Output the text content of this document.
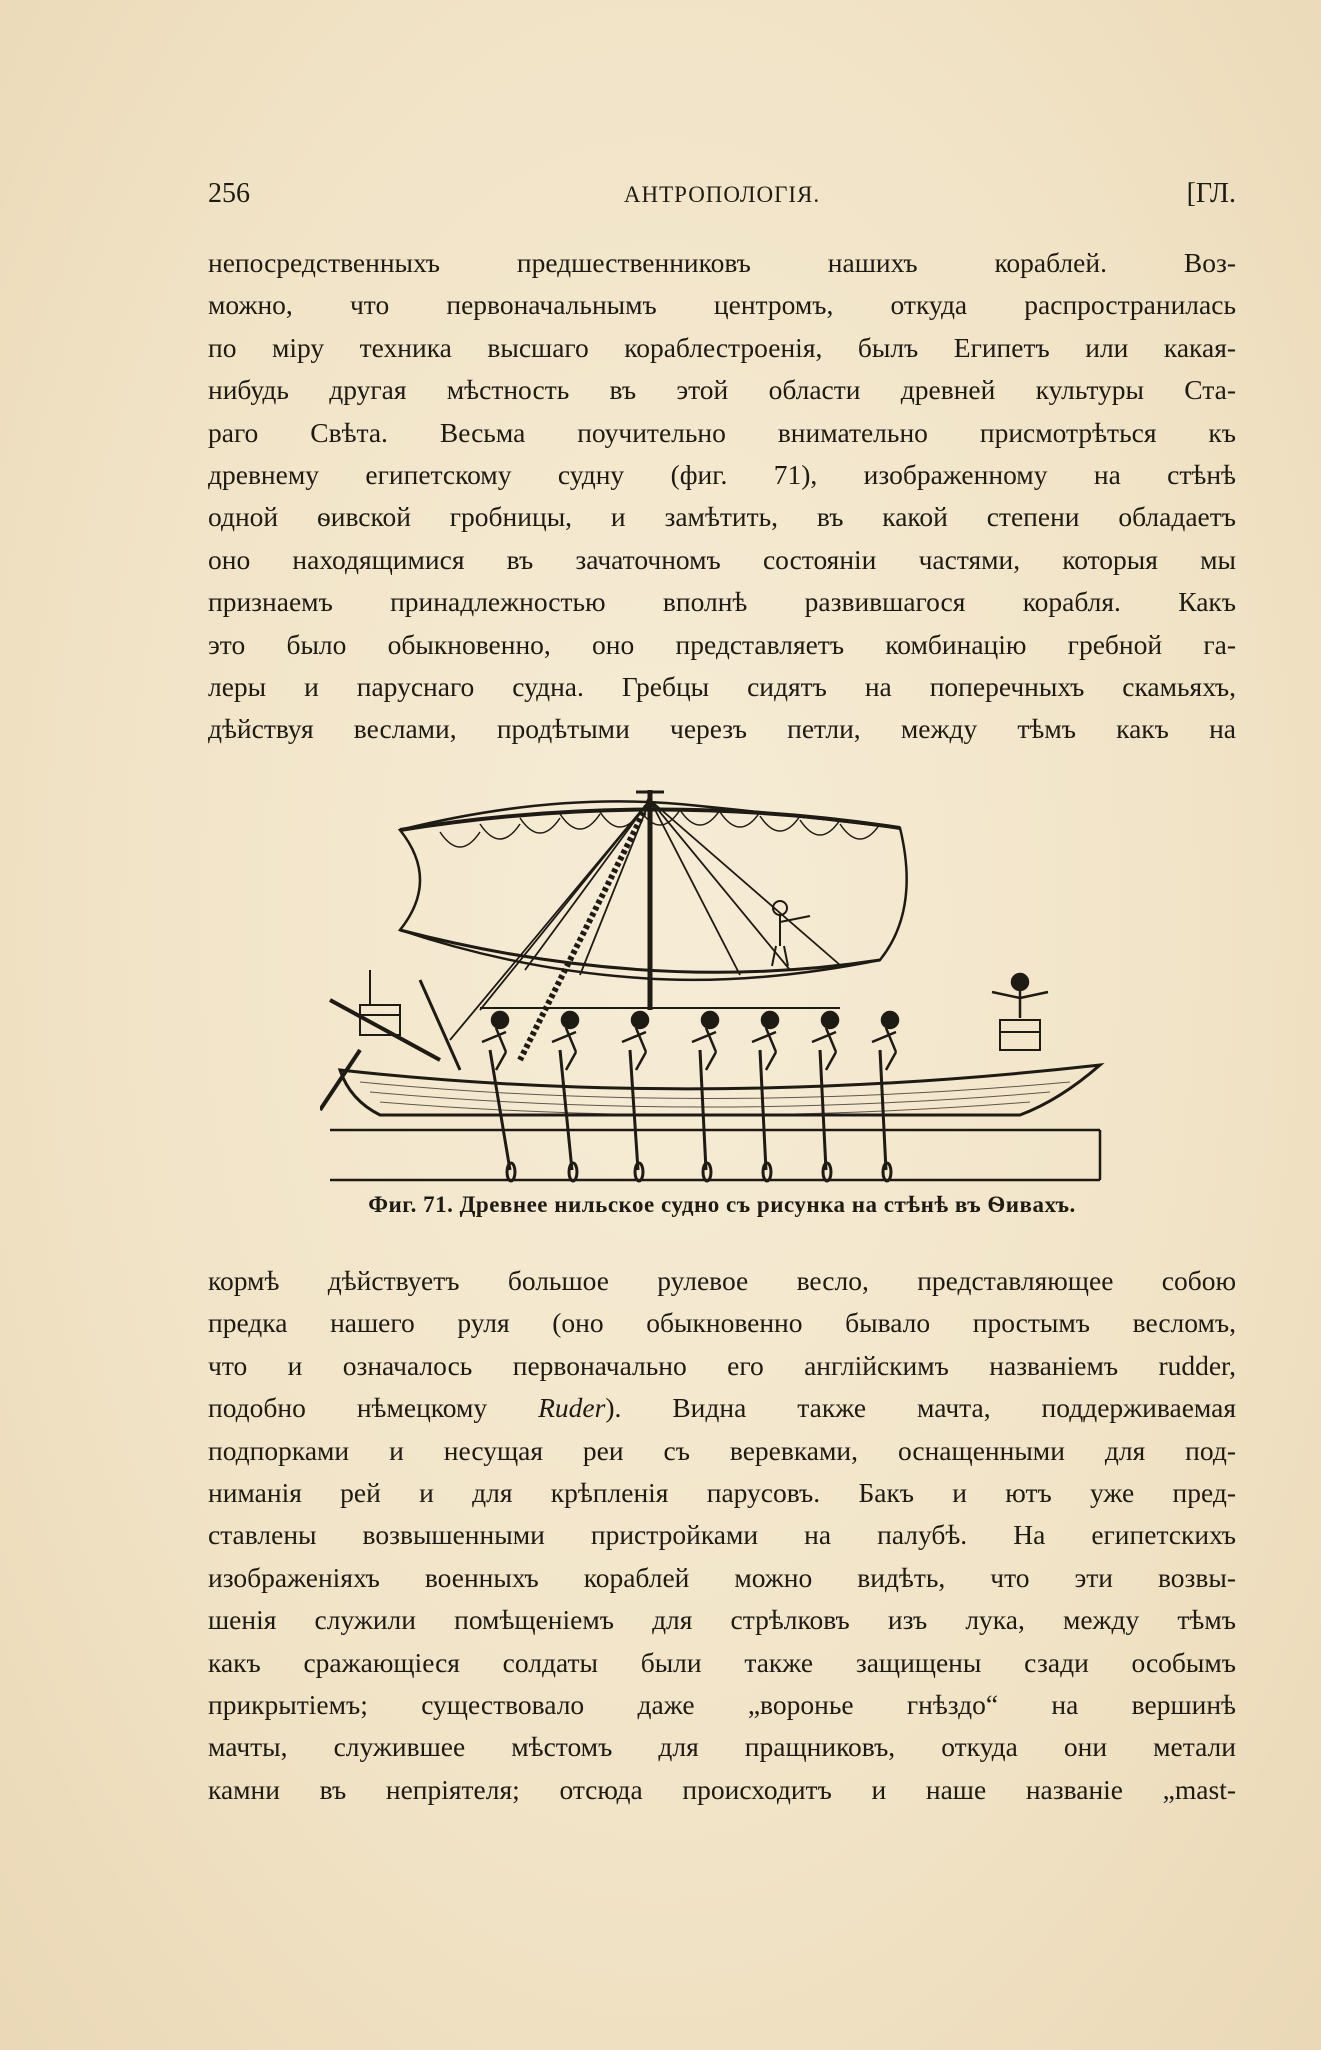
256	АНТРОПОЛОГІЯ.	[ГЛ.
непосредственныхъ предшественниковъ нашихъ кораблей. Воз-
можно, что первоначальнымъ центромъ, откуда распространилась
по міру техника высшаго кораблестроенія, былъ Египетъ или какая-
нибудь другая мѣстность въ этой области древней культуры Ста-
раго Свѣта. Весьма поучительно внимательно присмотрѣться къ
древнему египетскому судну (фиг. 71), изображенному на стѣнѣ
одной ѳивской гробницы, и замѣтить, въ какой степени обладаетъ
оно находящимися въ зачаточномъ состояніи частями, которыя мы
признаемъ принадлежностью вполнѣ развившагося корабля. Какъ
это было обыкновенно, оно представляетъ комбинацію гребной га-
леры и паруснаго судна. Гребцы сидятъ на поперечныхъ скамьяхъ,
дѣйствуя веслами, продѣтыми черезъ петли, между тѣмъ какъ на
Фиг. 71. Древнее нильское судно съ рисунка на стѣнѣ въ Ѳивахъ.
кормѣ дѣйствуетъ большое рулевое весло, представляющее собою
предка нашего руля (оно обыкновенно бывало простымъ весломъ,
что и означалось первоначально его англійскимъ названіемъ rudder,
подобно нѣмецкому Ruder). Видна также мачта, поддерживаемая
подпорками и несущая реи съ веревками, оснащенными для под-
ниманія рей и для крѣпленія парусовъ. Бакъ и ютъ уже пред-
ставлены возвышенными пристройками на палубѣ. На египетскихъ
изображеніяхъ военныхъ кораблей можно видѣть, что эти возвы-
шенія служили помѣщеніемъ для стрѣлковъ изъ лука, между тѣмъ
какъ сражающіеся солдаты были также защищены сзади особымъ
прикрытіемъ; существовало даже „воронье гнѣздо“ на вершинѣ
мачты, служившее мѣстомъ для пращниковъ, откуда они метали
камни въ непріятеля; отсюда происходитъ и наше названіе „mast-
